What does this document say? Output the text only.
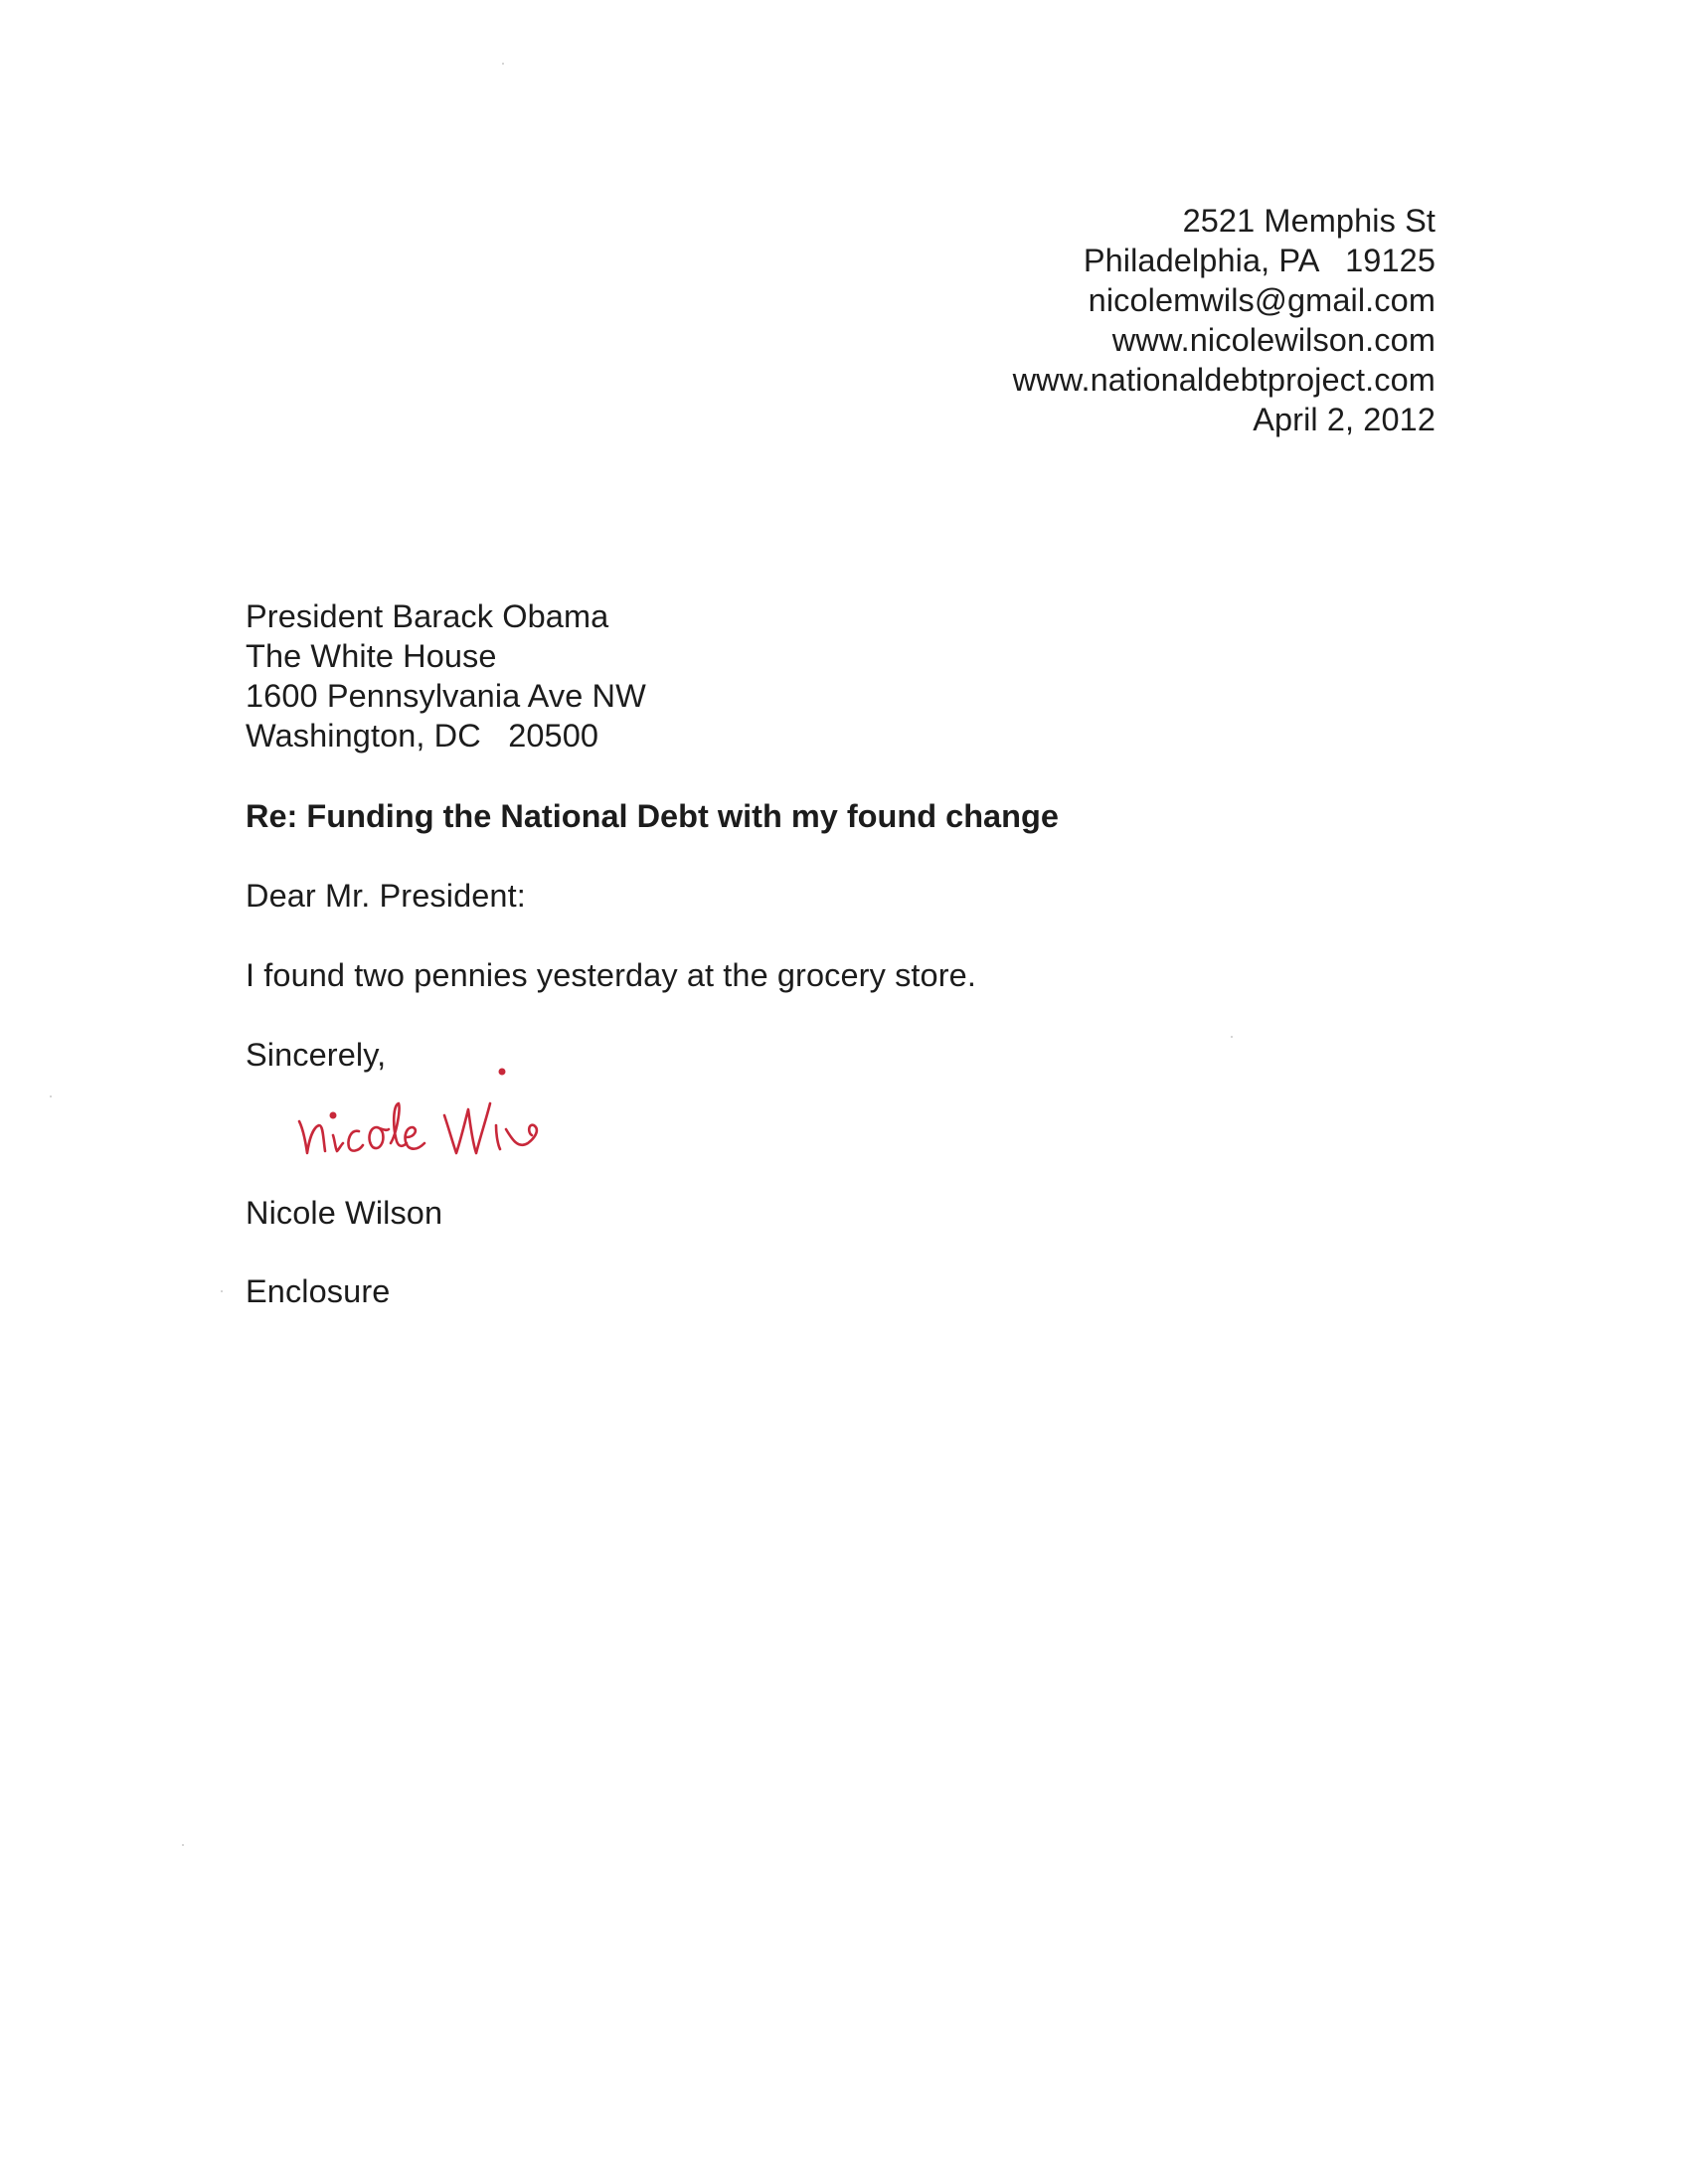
2521 Memphis St
Philadelphia, PA   19125
nicolemwils@gmail.com
www.nicolewilson.com
www.nationaldebtproject.com
April 2, 2012
President Barack Obama
The White House
1600 Pennsylvania Ave NW
Washington, DC   20500
Re: Funding the National Debt with my found change
Dear Mr. President:
I found two pennies yesterday at the grocery store.
Sincerely,
Nicole Wilson
Enclosure
